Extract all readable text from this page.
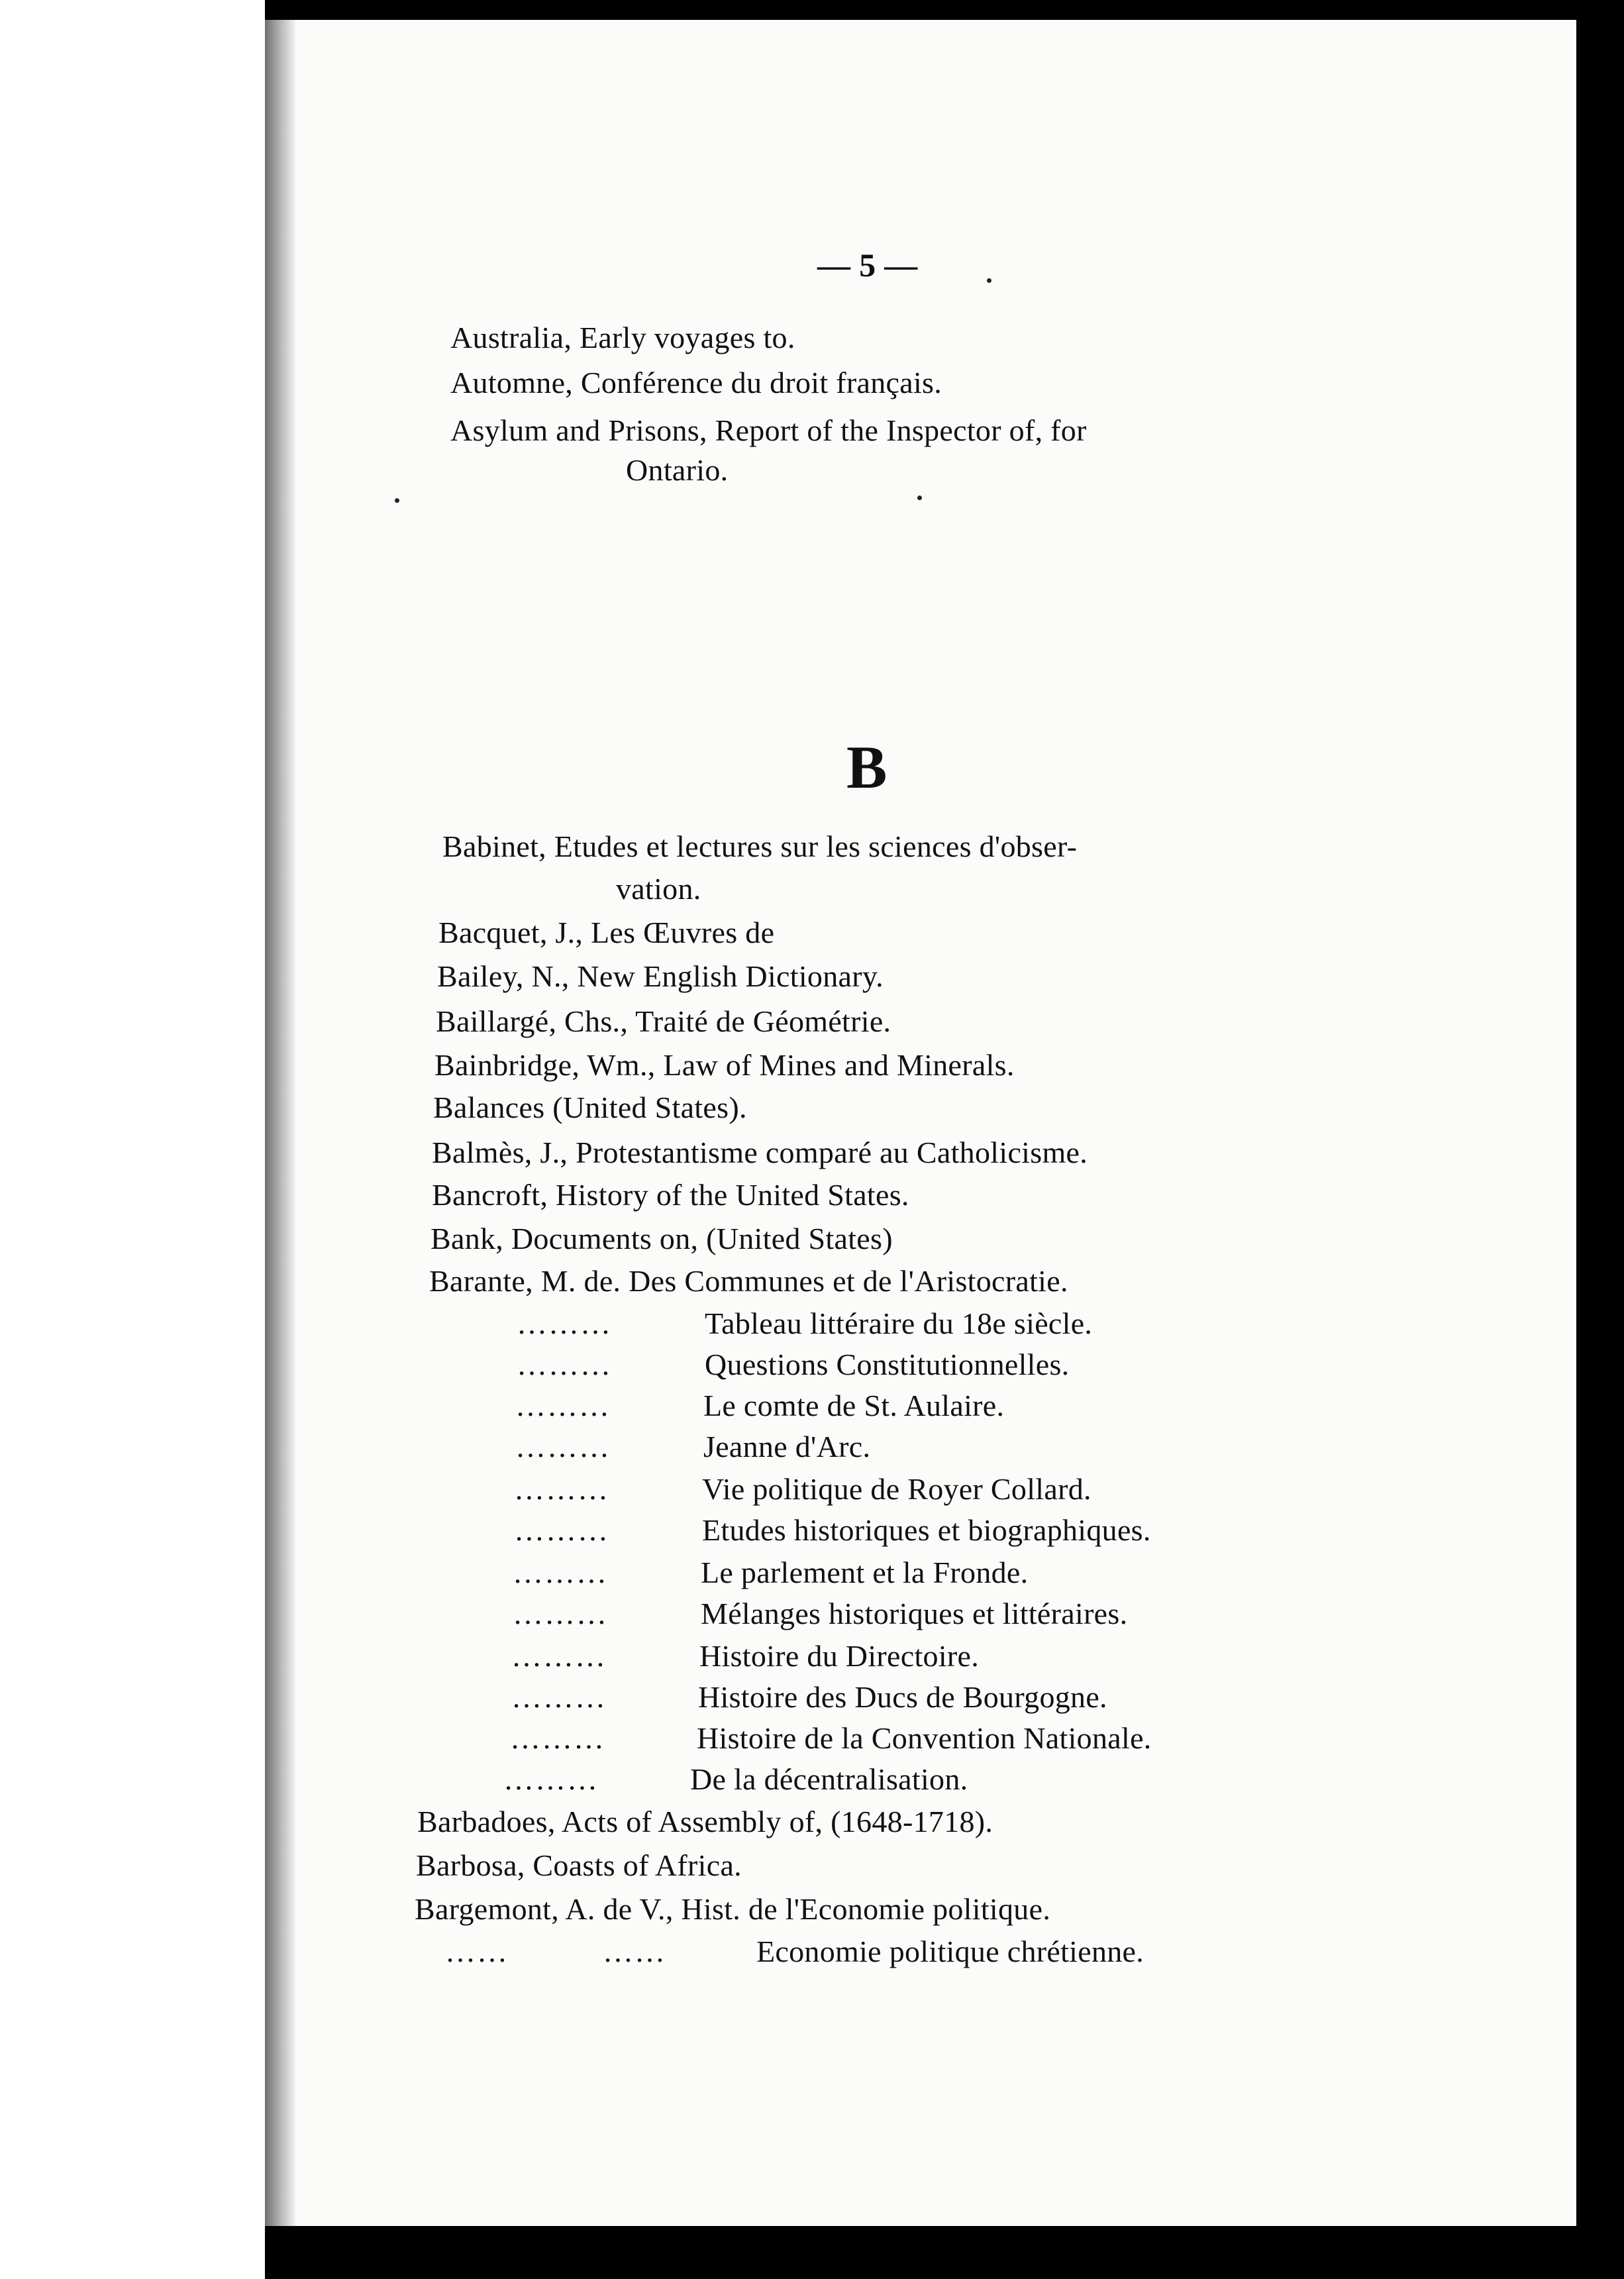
— 5 —
Australia, Early voyages to.
Automne, Conférence du droit français.
Asylum and Prisons, Report of the Inspector of, for
Ontario.
B
Babinet, Etudes et lectures sur les sciences d'obser-
vation.
Bacquet, J., Les Œuvres de
Bailey, N., New English Dictionary.
Baillargé, Chs., Traité de Géométrie.
Bainbridge, Wm., Law of Mines and Minerals.
Balances (United States).
Balmès, J., Protestantisme comparé au Catholicisme.
Bancroft, History of the United States.
Bank, Documents on, (United States)
Barante, M. de. Des Communes et de l'Aristocratie.
………	Tableau littéraire du 18e siècle.
………	Questions Constitutionnelles.
………	Le comte de St. Aulaire.
………	Jeanne d'Arc.
………	Vie politique de Royer Collard.
………	Etudes historiques et biographiques.
………	Le parlement et la Fronde.
………	Mélanges historiques et littéraires.
………	Histoire du Directoire.
………	Histoire des Ducs de Bourgogne.
………	Histoire de la Convention Nationale.
………	De la décentralisation.
Barbadoes, Acts of Assembly of, (1648-1718).
Barbosa, Coasts of Africa.
Bargemont, A. de V., Hist. de l'Economie politique.
……	……	Economie politique chrétienne.
